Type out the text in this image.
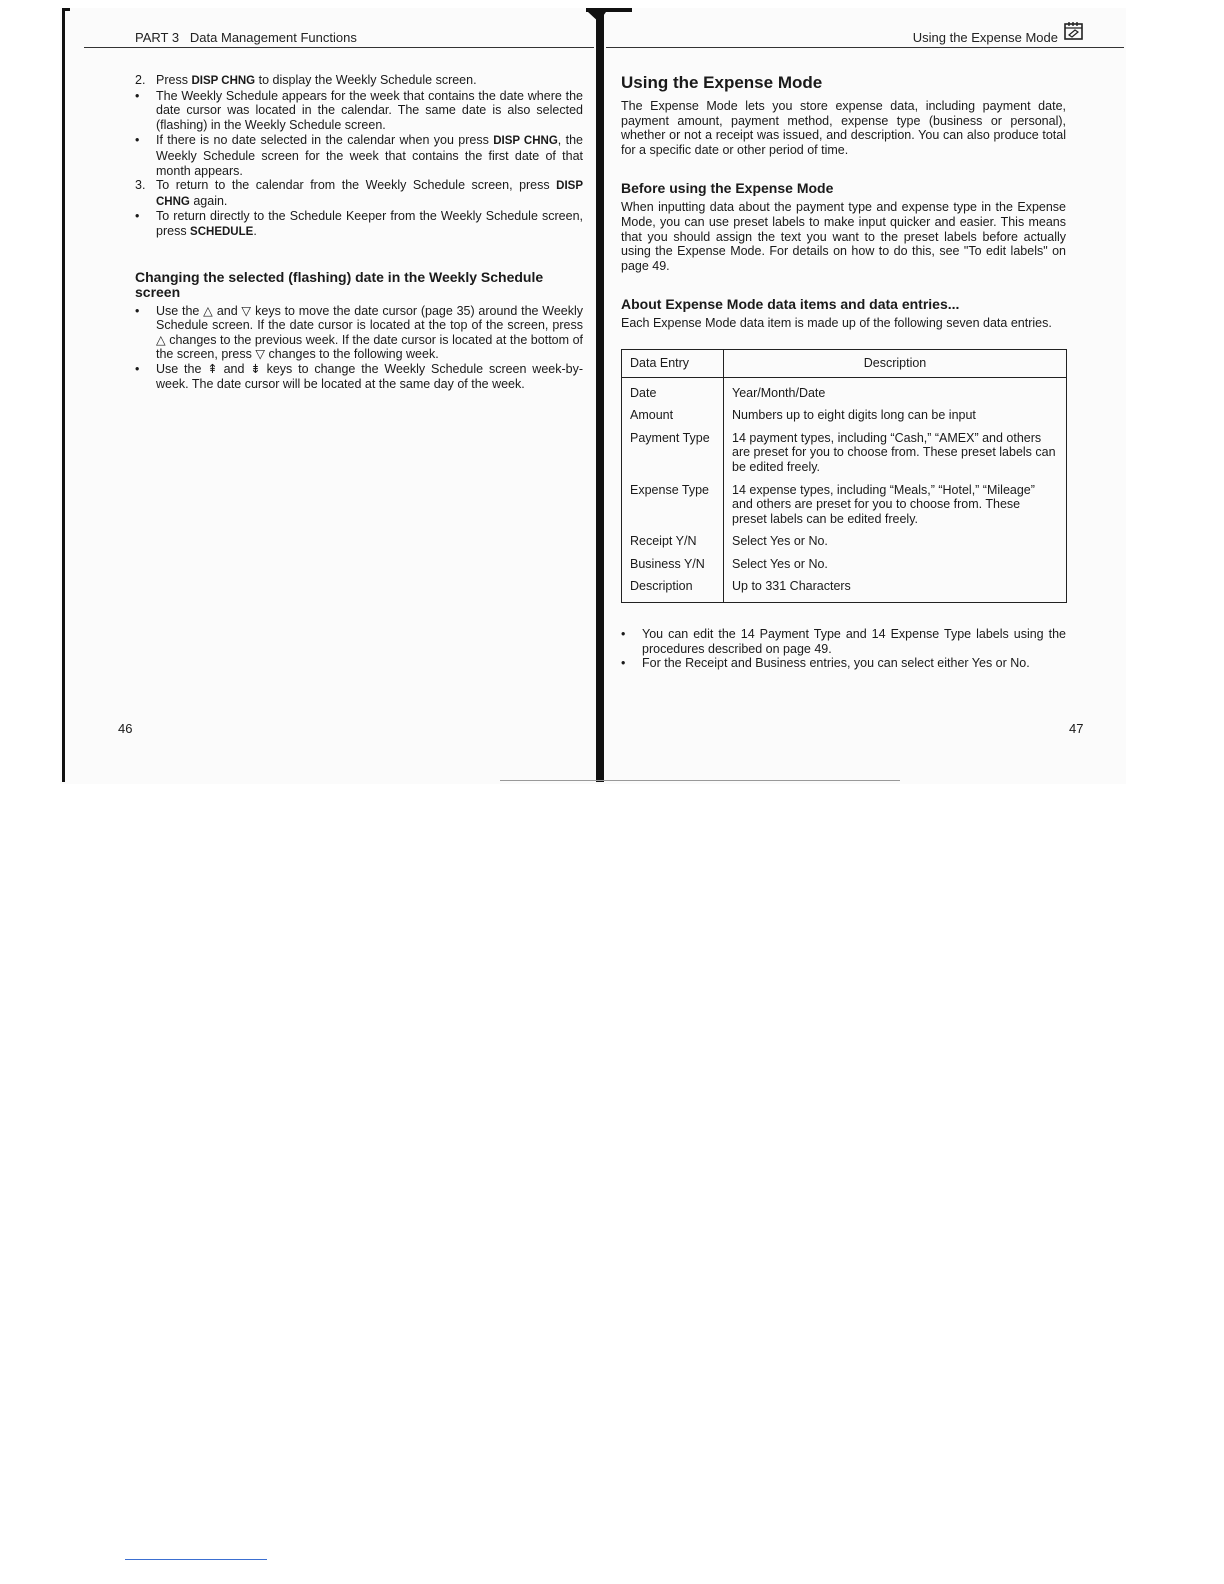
PART 3   Data Management Functions	Using the Expense Mode
2. Press DISP CHNG to display the Weekly Schedule screen.
•	The Weekly Schedule appears for the week that contains the date where the date cursor was located in the calendar. The same date is also selected (flashing) in the Weekly Schedule screen.
•	If there is no date selected in the calendar when you press DISP CHNG, the Weekly Schedule screen for the week that contains the first date of that month appears.
3. To return to the calendar from the Weekly Schedule screen, press DISP CHNG again.
•	To return directly to the Schedule Keeper from the Weekly Schedule screen, press SCHEDULE.
Changing the selected (flashing) date in the Weekly Schedule screen
•	Use the △ and ▽ keys to move the date cursor (page 35) around the Weekly Schedule screen. If the date cursor is located at the top of the screen, press △ changes to the previous week. If the date cursor is located at the bottom of the screen, press ▽ changes to the following week.
•	Use the ⇞ and ⇟ keys to change the Weekly Schedule screen week-by-week. The date cursor will be located at the same day of the week.
46
Using the Expense Mode

The Expense Mode lets you store expense data, including payment date, payment amount, payment method, expense type (business or personal), whether or not a receipt was issued, and description. You can also produce total for a specific date or other period of time.

Before using the Expense Mode

When inputting data about the payment type and expense type in the Expense Mode, you can use preset labels to make input quicker and easier. This means that you should assign the text you want to the preset labels before actually using the Expense Mode. For details on how to do this, see "To edit labels" on page 49.

About Expense Mode data items and data entries...

Each Expense Mode data item is made up of the following seven data entries.

Data Entry	Description
Date	Year/Month/Date
Amount	Numbers up to eight digits long can be input
Payment Type	14 payment types, including “Cash,” “AMEX” and others are preset for you to choose from. These preset labels can be edited freely.
Expense Type	14 expense types, including “Meals,” “Hotel,” “Mileage” and others are preset for you to choose from. These preset labels can be edited freely.
Receipt Y/N	Select Yes or No.
Business Y/N	Select Yes or No.
Description	Up to 331 Characters
•	You can edit the 14 Payment Type and 14 Expense Type labels using the procedures described on page 49.
•	For the Receipt and Business entries, you can select either Yes or No.
47
